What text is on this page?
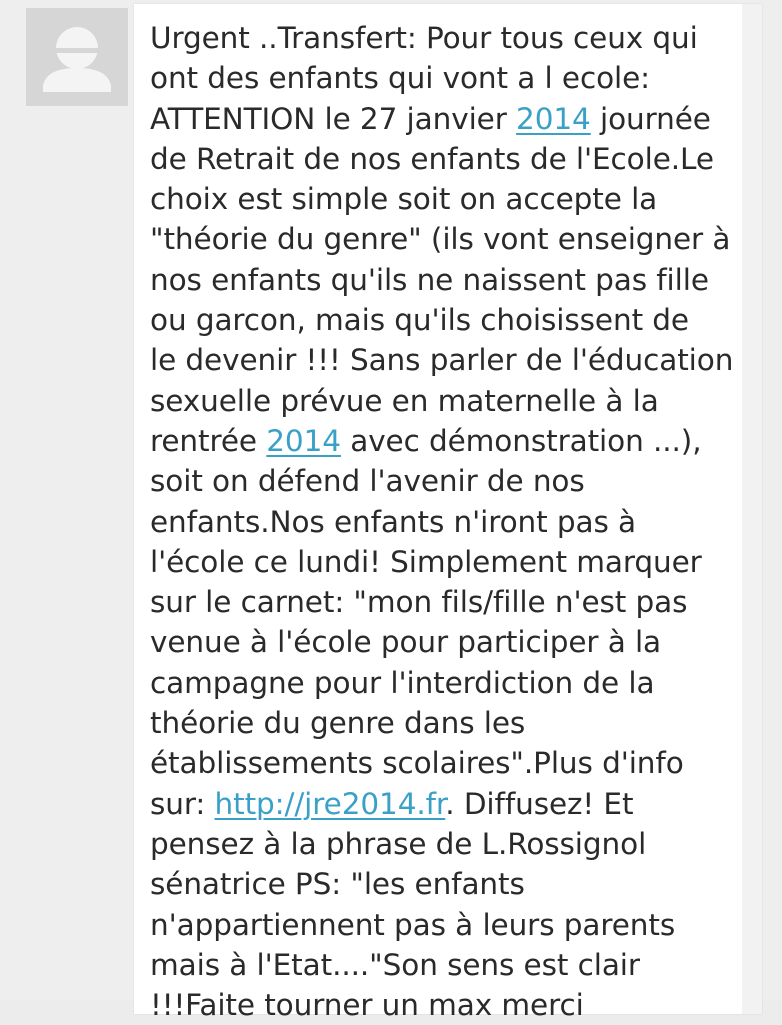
Urgent ..Transfert: Pour tous ceux qui
ont des enfants qui vont a l ecole:
ATTENTION le 27 janvier 2014 journée
de Retrait de nos enfants de l'Ecole.Le
choix est simple soit on accepte la
"théorie du genre" (ils vont enseigner à
nos enfants qu'ils ne naissent pas fille
ou garcon, mais qu'ils choisissent de
le devenir !!! Sans parler de l'éducation
sexuelle prévue en maternelle à la
rentrée 2014 avec démonstration ...),
soit on défend l'avenir de nos
enfants.Nos enfants n'iront pas à
l'école ce lundi! Simplement marquer
sur le carnet: "mon fils/fille n'est pas
venue à l'école pour participer à la
campagne pour l'interdiction de la
théorie du genre dans les
établissements scolaires".Plus d'info
sur: http://jre2014.fr. Diffusez! Et
pensez à la phrase de L.Rossignol
sénatrice PS: "les enfants
n'appartiennent pas à leurs parents
mais à l'Etat...."Son sens est clair
!!!Faite tourner un max merci
